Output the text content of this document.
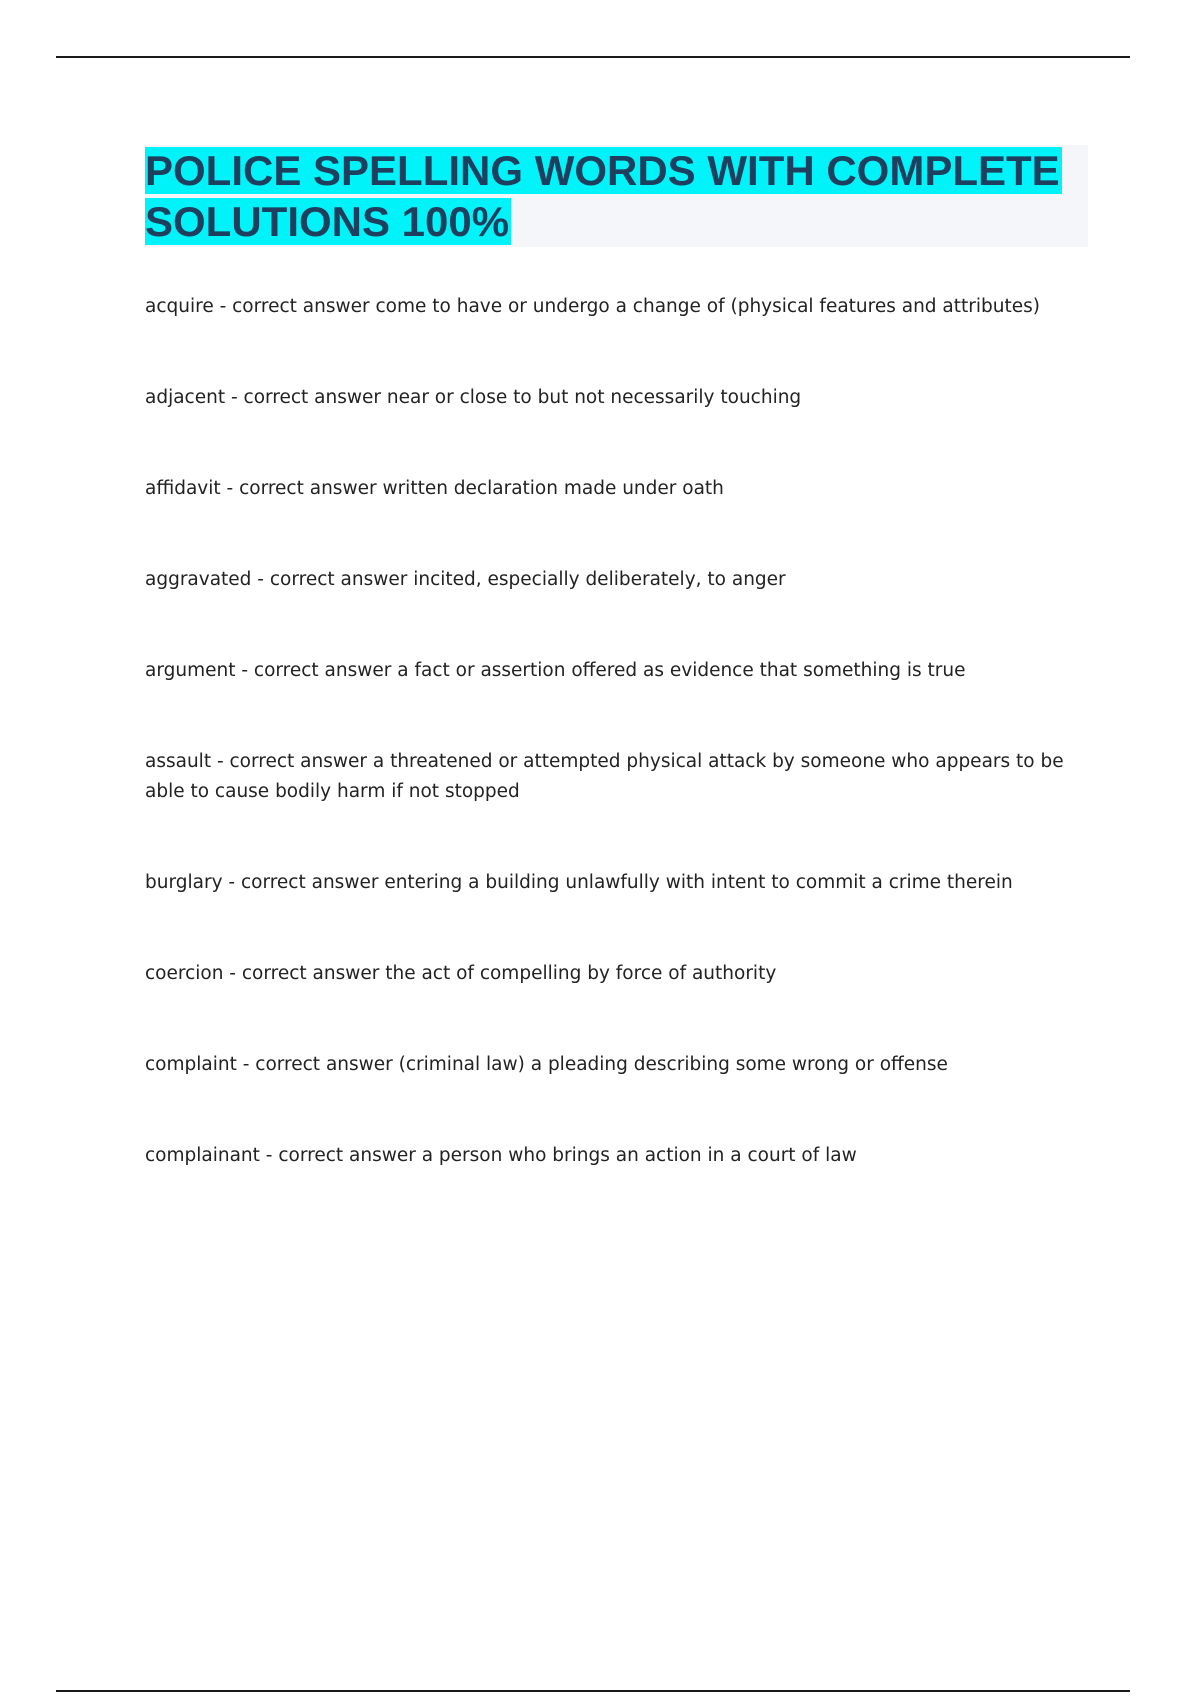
POLICE SPELLING WORDS WITH COMPLETE SOLUTIONS 100%
acquire - correct answer come to have or undergo a change of (physical features and attributes)
adjacent - correct answer near or close to but not necessarily touching
affidavit - correct answer written declaration made under oath
aggravated - correct answer incited, especially deliberately, to anger
argument - correct answer a fact or assertion offered as evidence that something is true
assault - correct answer a threatened or attempted physical attack by someone who appears to be able to cause bodily harm if not stopped
burglary - correct answer entering a building unlawfully with intent to commit a crime therein
coercion - correct answer the act of compelling by force of authority
complaint - correct answer (criminal law) a pleading describing some wrong or offense
complainant - correct answer a person who brings an action in a court of law
